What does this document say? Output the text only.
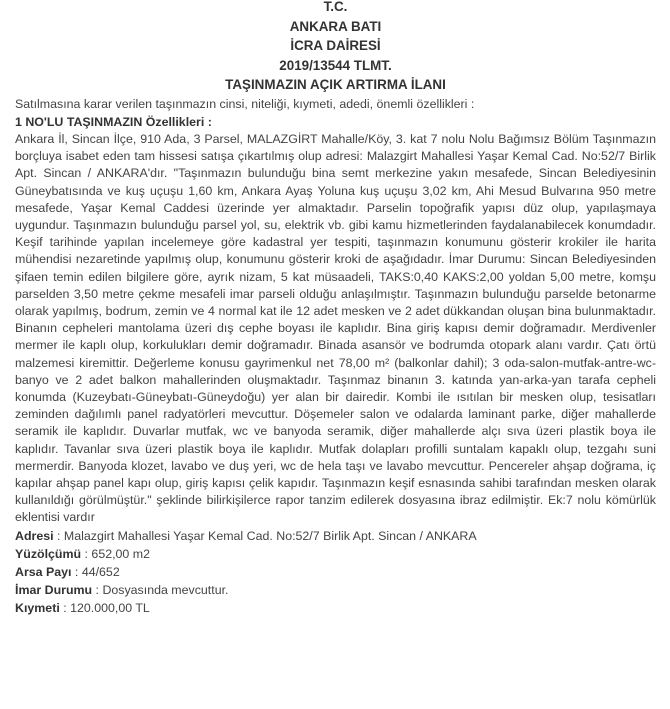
T.C.
ANKARA BATI
İCRA DAİRESİ
2019/13544 TLMT.
TAŞINMAZIN AÇIK ARTIRMA İLANI
Satılmasına karar verilen taşınmazın cinsi, niteliği, kıymeti, adedi, önemli özellikleri :
1 NO'LU TAŞINMAZIN Özellikleri :

Ankara İl, Sincan İlçe, 910 Ada, 3 Parsel, MALAZGİRT Mahalle/Köy, 3. kat 7 nolu Nolu Bağımsız Bölüm Taşınmazın borçluya isabet eden tam hissesi satışa çıkartılmış olup adresi: Malazgirt Mahallesi Yaşar Kemal Cad. No:52/7 Birlik Apt. Sincan / ANKARA'dır. "Taşınmazın bulunduğu bina semt merkezine yakın mesafede, Sincan Belediyesinin Güneybatısında ve kuş uçuşu 1,60 km, Ankara Ayaş Yoluna kuş uçuşu 3,02 km, Ahi Mesud Bulvarına 950 metre mesafede, Yaşar Kemal Caddesi üzerinde yer almaktadır. Parselin topoğrafik yapısı düz olup, yapılaşmaya uygundur. Taşınmazın bulunduğu parsel yol, su, elektrik vb. gibi kamu hizmetlerinden faydalanabilecek konumdadır. Keşif tarihinde yapılan incelemeye göre kadastral yer tespiti, taşınmazın konumunu gösterir krokiler ile harita mühendisi nezaretinde yapılmış olup, konumunu gösterir kroki de aşağıdadır. İmar Durumu: Sincan Belediyesinden şifaen temin edilen bilgilere göre, ayrık nizam, 5 kat müsaadeli, TAKS:0,40 KAKS:2,00 yoldan 5,00 metre, komşu parselden 3,50 metre çekme mesafeli imar parseli olduğu anlaşılmıştır. Taşınmazın bulunduğu parselde betonarme olarak yapılmış, bodrum, zemin ve 4 normal kat ile 12 adet mesken ve 2 adet dükkandan oluşan bina bulunmaktadır. Binanın cepheleri mantolama üzeri dış cephe boyası ile kaplıdır. Bina giriş kapısı demir doğramadır. Merdivenler mermer ile kaplı olup, korkulukları demir doğramadır. Binada asansör ve bodrumda otopark alanı vardır. Çatı örtü malzemesi kiremittir. Değerleme konusu gayrimenkul net 78,00 m² (balkonlar dahil); 3 oda-salon-mutfak-antre-wc-banyo ve 2 adet balkon mahallerinden oluşmaktadır. Taşınmaz binanın 3. katında yan-arka-yan tarafa cepheli konumda (Kuzeybatı-Güneybatı-Güneydoğu) yer alan bir dairedir. Kombi ile ısıtılan bir mesken olup, tesisatları zeminden dağılımlı panel radyatörleri mevcuttur. Döşemeler salon ve odalarda laminant parke, diğer mahallerde seramik ile kaplıdır. Duvarlar mutfak, wc ve banyoda seramik, diğer mahallerde alçı sıva üzeri plastik boya ile kaplıdır. Tavanlar sıva üzeri plastik boya ile kaplıdır. Mutfak dolapları profilli suntalam kapaklı olup, tezgahı suni mermerdir. Banyoda klozet, lavabo ve duş yeri, wc de hela taşı ve lavabo mevcuttur. Pencereler ahşap doğrama, iç kapılar ahşap panel kapı olup, giriş kapısı çelik kapıdır. Taşınmazın keşif esnasında sahibi tarafından mesken olarak kullanıldığı görülmüştür." şeklinde bilirkişilerce rapor tanzim edilerek dosyasına ibraz edilmiştir. Ek:7 nolu kömürlük eklentisi vardır

Adresi : Malazgirt Mahallesi Yaşar Kemal Cad. No:52/7 Birlik Apt. Sincan / ANKARA
Yüzölçümü : 652,00 m2
Arsa Payı : 44/652
İmar Durumu : Dosyasında mevcuttur.
Kıymeti : 120.000,00 TL
